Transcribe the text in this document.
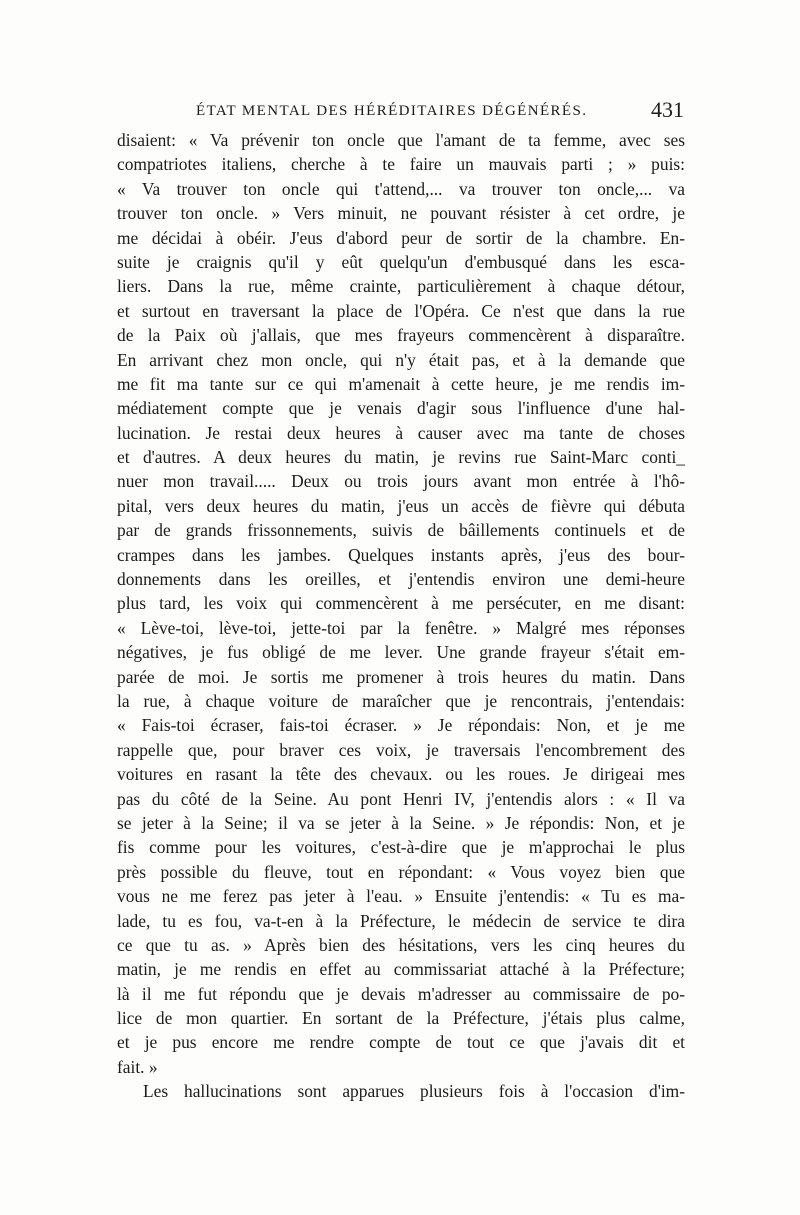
ÉTAT MENTAL DES HÉRÉDITAIRES DÉGÉNÉRÉS.	431
disaient: « Va prévenir ton oncle que l'amant de ta femme, avec ses
compatriotes italiens, cherche à te faire un mauvais parti ; » puis:
« Va trouver ton oncle qui t'attend,... va trouver ton oncle,... va
trouver ton oncle. » Vers minuit, ne pouvant résister à cet ordre, je
me décidai à obéir. J'eus d'abord peur de sortir de la chambre. En-
suite je craignis qu'il y eût quelqu'un d'embusqué dans les esca-
liers. Dans la rue, même crainte, particulièrement à chaque détour,
et surtout en traversant la place de l'Opéra. Ce n'est que dans la rue
de la Paix où j'allais, que mes frayeurs commencèrent à disparaître.
En arrivant chez mon oncle, qui n'y était pas, et à la demande que
me fit ma tante sur ce qui m'amenait à cette heure, je me rendis im-
médiatement compte que je venais d'agir sous l'influence d'une hal-
lucination. Je restai deux heures à causer avec ma tante de choses
et d'autres. A deux heures du matin, je revins rue Saint-Marc conti_
nuer mon travail..... Deux ou trois jours avant mon entrée à l'hô-
pital, vers deux heures du matin, j'eus un accès de fièvre qui débuta
par de grands frissonnements, suivis de bâillements continuels et de
crampes dans les jambes. Quelques instants après, j'eus des bour-
donnements dans les oreilles, et j'entendis environ une demi-heure
plus tard, les voix qui commencèrent à me persécuter, en me disant:
« Lève-toi, lève-toi, jette-toi par la fenêtre. » Malgré mes réponses
négatives, je fus obligé de me lever. Une grande frayeur s'était em-
parée de moi. Je sortis me promener à trois heures du matin. Dans
la rue, à chaque voiture de maraîcher que je rencontrais, j'entendais:
« Fais-toi écraser, fais-toi écraser. » Je répondais: Non, et je me
rappelle que, pour braver ces voix, je traversais l'encombrement des
voitures en rasant la tête des chevaux. ou les roues. Je dirigeai mes
pas du côté de la Seine. Au pont Henri IV, j'entendis alors : « Il va
se jeter à la Seine; il va se jeter à la Seine. » Je répondis: Non, et je
fis comme pour les voitures, c'est-à-dire que je m'approchai le plus
près possible du fleuve, tout en répondant: « Vous voyez bien que
vous ne me ferez pas jeter à l'eau. » Ensuite j'entendis: « Tu es ma-
lade, tu es fou, va-t-en à la Préfecture, le médecin de service te dira
ce que tu as. » Après bien des hésitations, vers les cinq heures du
matin, je me rendis en effet au commissariat attaché à la Préfecture;
là il me fut répondu que je devais m'adresser au commissaire de po-
lice de mon quartier. En sortant de la Préfecture, j'étais plus calme,
et je pus encore me rendre compte de tout ce que j'avais dit et
fait. »
Les hallucinations sont apparues plusieurs fois à l'occasion d'im-
